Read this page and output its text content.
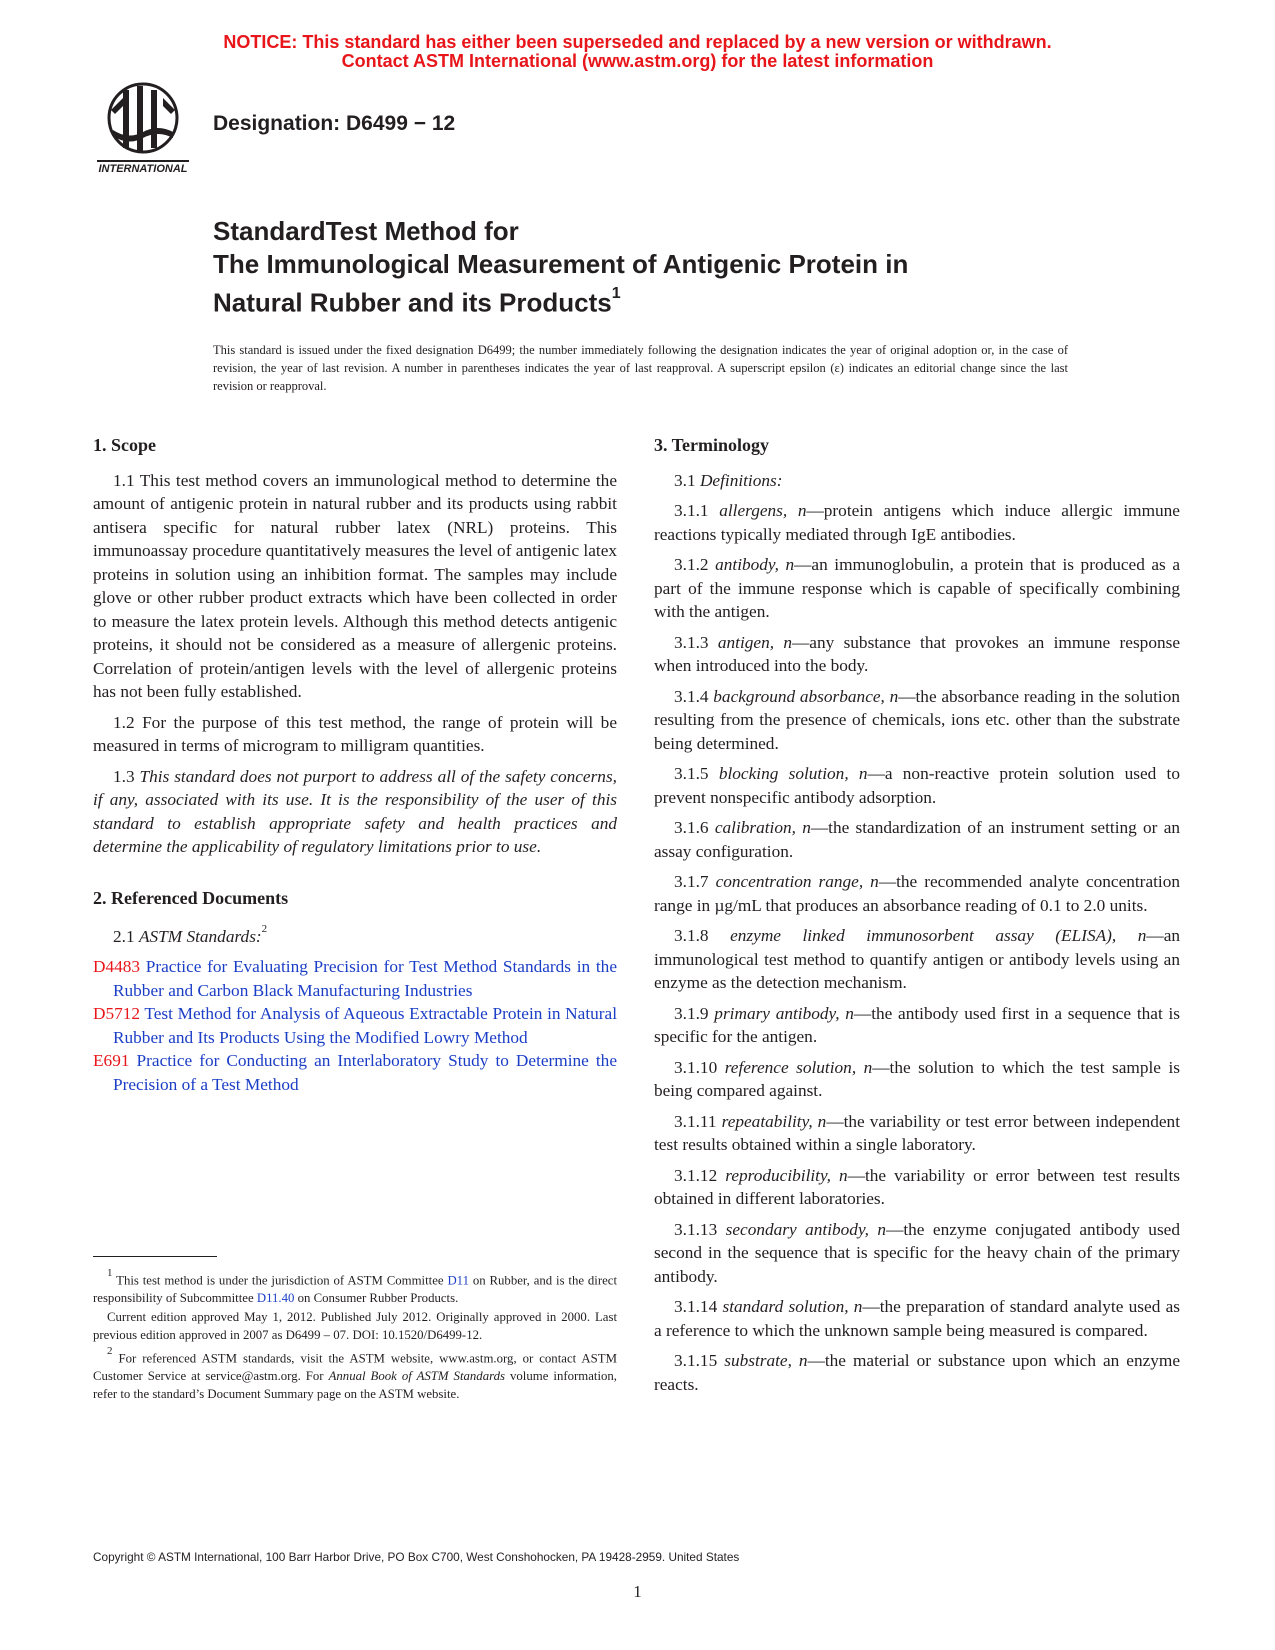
NOTICE: This standard has either been superseded and replaced by a new version or withdrawn.
Contact ASTM International (www.astm.org) for the latest information
INTERNATIONAL
Designation: D6499 − 12
StandardTest Method for
The Immunological Measurement of Antigenic Protein in
Natural Rubber and its Products$^1$
This standard is issued under the fixed designation D6499; the number immediately following the designation indicates the year of original adoption or, in the case of revision, the year of last revision. A number in parentheses indicates the year of last reapproval. A superscript epsilon (ε) indicates an editorial change since the last revision or reapproval.
1. Scope

1.1 This test method covers an immunological method to determine the amount of antigenic protein in natural rubber and its products using rabbit antisera specific for natural rubber latex (NRL) proteins. This immunoassay procedure quantitatively measures the level of antigenic latex proteins in solution using an inhibition format. The samples may include glove or other rubber product extracts which have been collected in order to measure the latex protein levels. Although this method detects antigenic proteins, it should not be considered as a measure of allergenic proteins. Correlation of protein/antigen levels with the level of allergenic proteins has not been fully established.

1.2 For the purpose of this test method, the range of protein will be measured in terms of microgram to milligram quantities.

1.3 This standard does not purport to address all of the safety concerns, if any, associated with its use. It is the responsibility of the user of this standard to establish appropriate safety and health practices and determine the applicability of regulatory limitations prior to use.

2. Referenced Documents

2.1 ASTM Standards:$^2$

D4483 Practice for Evaluating Precision for Test Method Standards in the Rubber and Carbon Black Manufacturing Industries
D5712 Test Method for Analysis of Aqueous Extractable Protein in Natural Rubber and Its Products Using the Modified Lowry Method
E691 Practice for Conducting an Interlaboratory Study to Determine the Precision of a Test Method
3. Terminology

3.1 Definitions:

3.1.1 allergens, n—protein antigens which induce allergic immune reactions typically mediated through IgE antibodies.

3.1.2 antibody, n—an immunoglobulin, a protein that is produced as a part of the immune response which is capable of specifically combining with the antigen.

3.1.3 antigen, n—any substance that provokes an immune response when introduced into the body.

3.1.4 background absorbance, n—the absorbance reading in the solution resulting from the presence of chemicals, ions etc. other than the substrate being determined.

3.1.5 blocking solution, n—a non-reactive protein solution used to prevent nonspecific antibody adsorption.

3.1.6 calibration, n—the standardization of an instrument setting or an assay configuration.

3.1.7 concentration range, n—the recommended analyte concentration range in µg/mL that produces an absorbance reading of 0.1 to 2.0 units.

3.1.8 enzyme linked immunosorbent assay (ELISA), n—an immunological test method to quantify antigen or antibody levels using an enzyme as the detection mechanism.

3.1.9 primary antibody, n—the antibody used first in a sequence that is specific for the antigen.

3.1.10 reference solution, n—the solution to which the test sample is being compared against.

3.1.11 repeatability, n—the variability or test error between independent test results obtained within a single laboratory.

3.1.12 reproducibility, n—the variability or error between test results obtained in different laboratories.

3.1.13 secondary antibody, n—the enzyme conjugated antibody used second in the sequence that is specific for the heavy chain of the primary antibody.

3.1.14 standard solution, n—the preparation of standard analyte used as a reference to which the unknown sample being measured is compared.

3.1.15 substrate, n—the material or substance upon which an enzyme reacts.

$^1$ This test method is under the jurisdiction of ASTM Committee D11 on Rubber, and is the direct responsibility of Subcommittee D11.40 on Consumer Rubber Products.

Current edition approved May 1, 2012. Published July 2012. Originally approved in 2000. Last previous edition approved in 2007 as D6499 – 07. DOI: 10.1520/D6499-12.

$^2$ For referenced ASTM standards, visit the ASTM website, www.astm.org, or contact ASTM Customer Service at service@astm.org. For Annual Book of ASTM Standards volume information, refer to the standard’s Document Summary page on the ASTM website.

Copyright © ASTM International, 100 Barr Harbor Drive, PO Box C700, West Conshohocken, PA 19428-2959. United States
1
